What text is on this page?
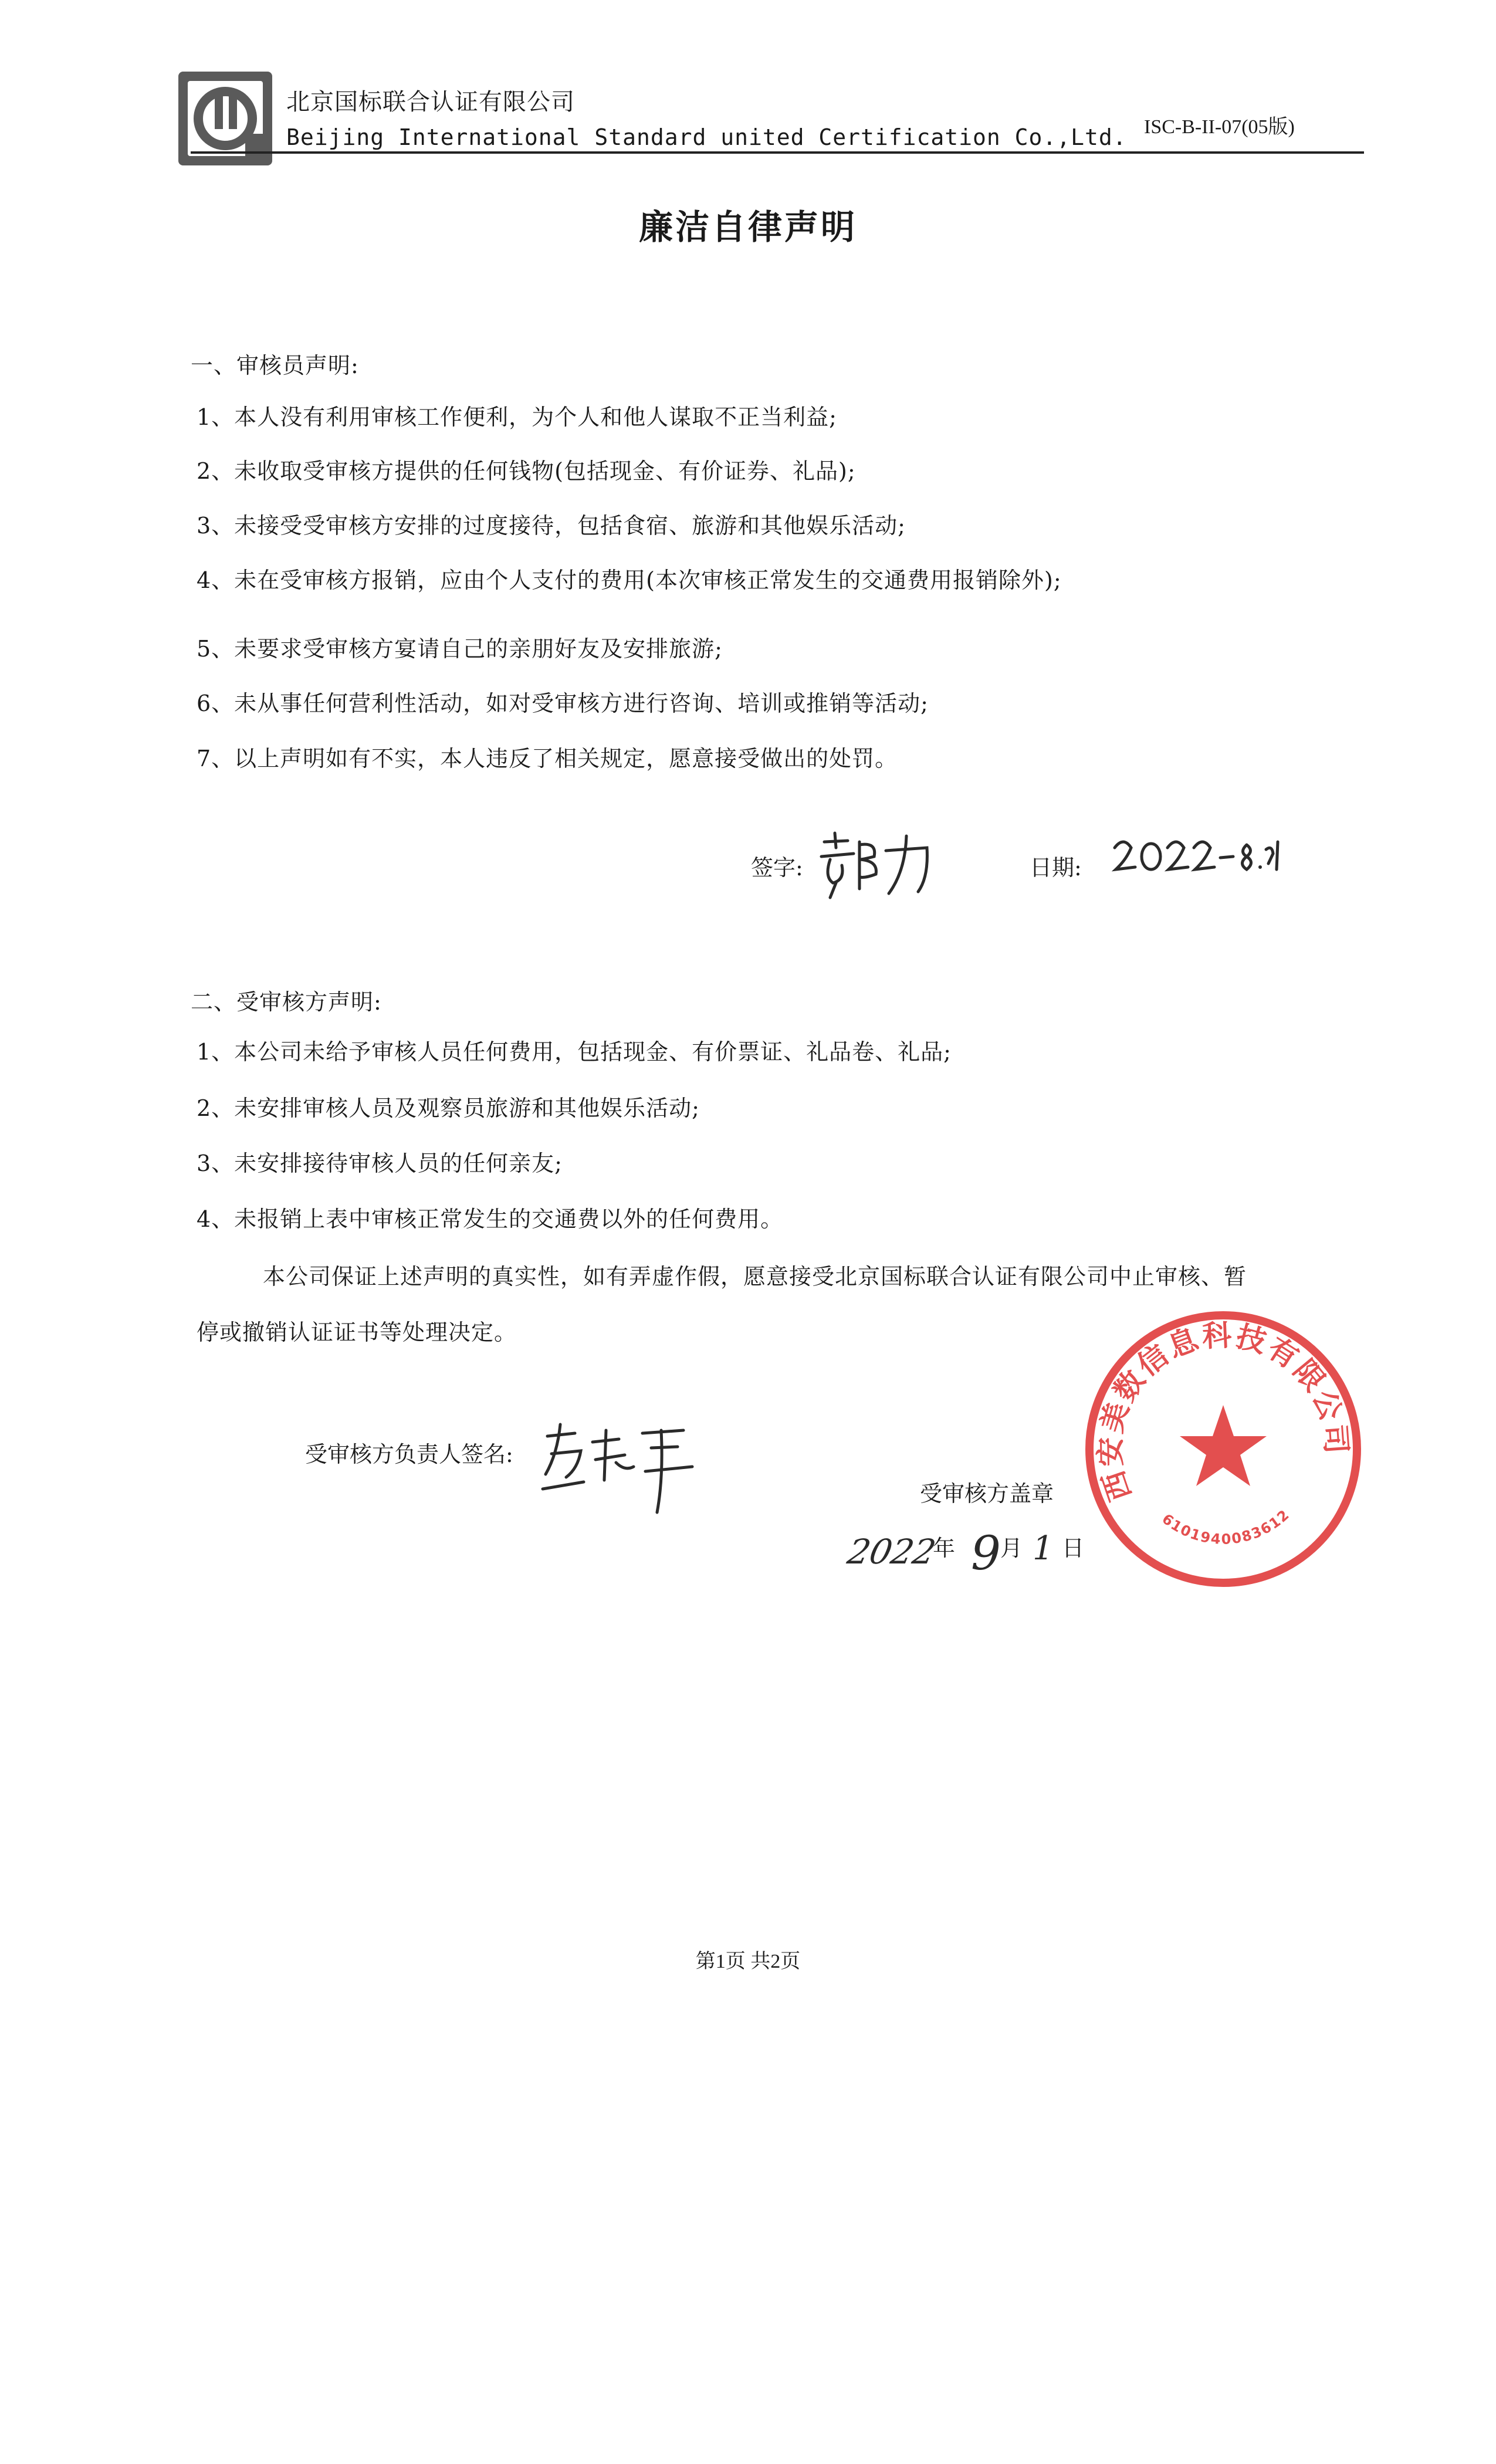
北京国标联合认证有限公司
Beijing International Standard united Certification Co.,Ltd. ISC-B-II-07(05版)
廉洁自律声明
一、审核员声明:
1、本人没有利用审核工作便利，为个人和他人谋取不正当利益;
2、未收取受审核方提供的任何钱物(包括现金、有价证券、礼品);
3、未接受受审核方安排的过度接待，包括食宿、旅游和其他娱乐活动;
4、未在受审核方报销，应由个人支付的费用(本次审核正常发生的交通费用报销除外);
5、未要求受审核方宴请自己的亲朋好友及安排旅游;
6、未从事任何营利性活动，如对受审核方进行咨询、培训或推销等活动;
7、以上声明如有不实，本人违反了相关规定，愿意接受做出的处罚。
签字:	日期:
二、受审核方声明:
1、本公司未给予审核人员任何费用，包括现金、有价票证、礼品卷、礼品;
2、未安排审核人员及观察员旅游和其他娱乐活动;
3、未安排接待审核人员的任何亲友;
4、未报销上表中审核正常发生的交通费以外的任何费用。
本公司保证上述声明的真实性，如有弄虚作假，愿意接受北京国标联合认证有限公司中止审核、暂
停或撤销认证证书等处理决定。
受审核方负责人签名:
受审核方盖章
2022
年 9 月 1 日
西安美数信息科技有限公司
6101940083612
第1页 共2页
